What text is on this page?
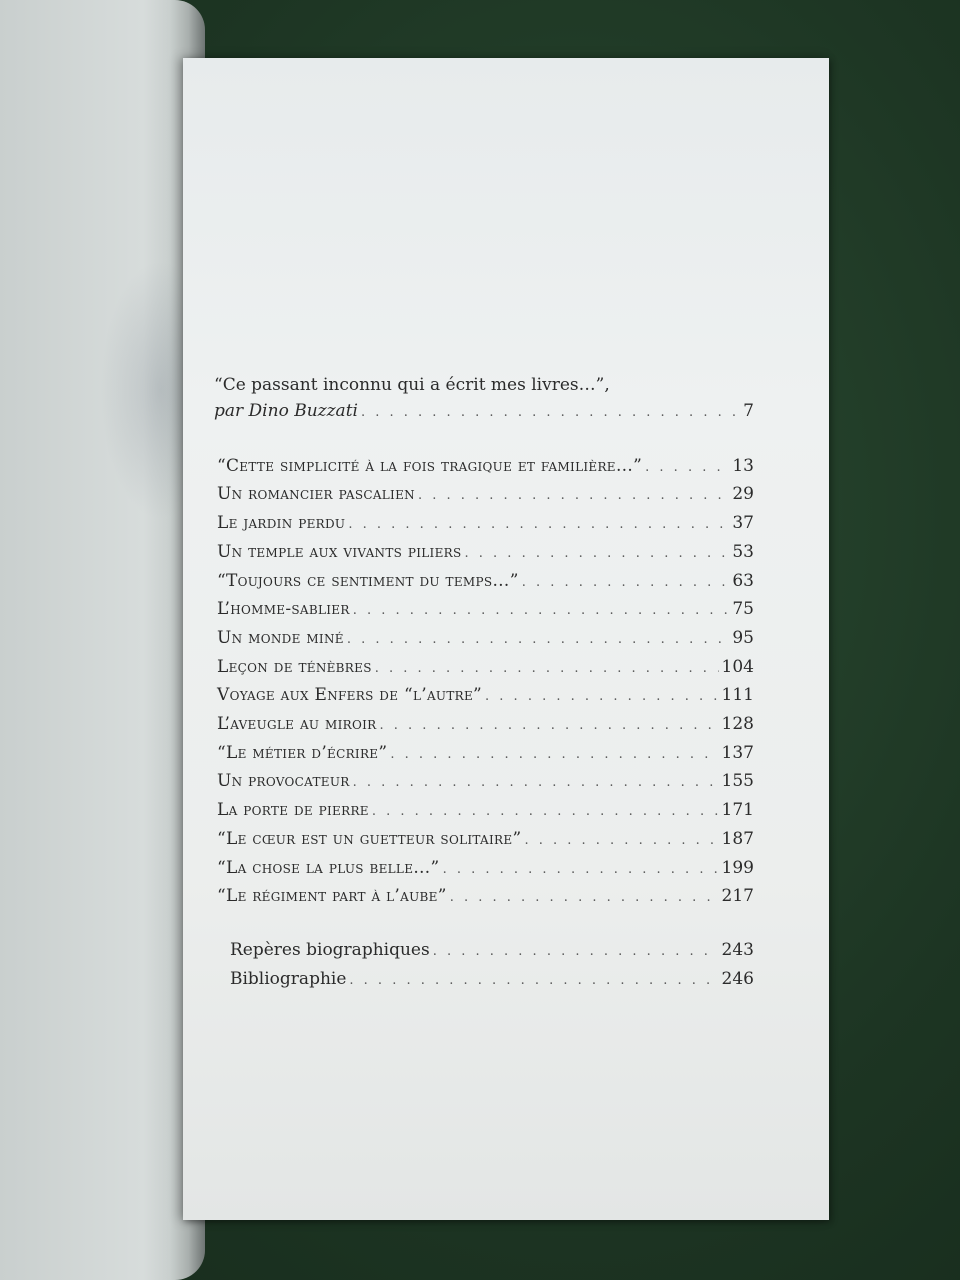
“Ce passant inconnu qui a écrit mes livres…”,
par Dino Buzzati . . .	7
“Cette simplicité à la fois tragique et familière…” . . .	13
Un romancier pascalien . . .	29
Le jardin perdu . . .	37
Un temple aux vivants piliers . . .	53
“Toujours ce sentiment du temps…” . . .	63
L’homme-sablier . . .	75
Un monde miné . . .	95
Leçon de ténèbres . . .	104
Voyage aux Enfers de “l’autre” . . .	111
L’aveugle au miroir . . .	128
“Le métier d’écrire” . . .	137
Un provocateur . . .	155
La porte de pierre . . .	171
“Le cœur est un guetteur solitaire” . . .	187
“La chose la plus belle…” . . .	199
“Le régiment part à l’aube” . . .	217
Repères biographiques . . .	243
Bibliographie . . .	246
